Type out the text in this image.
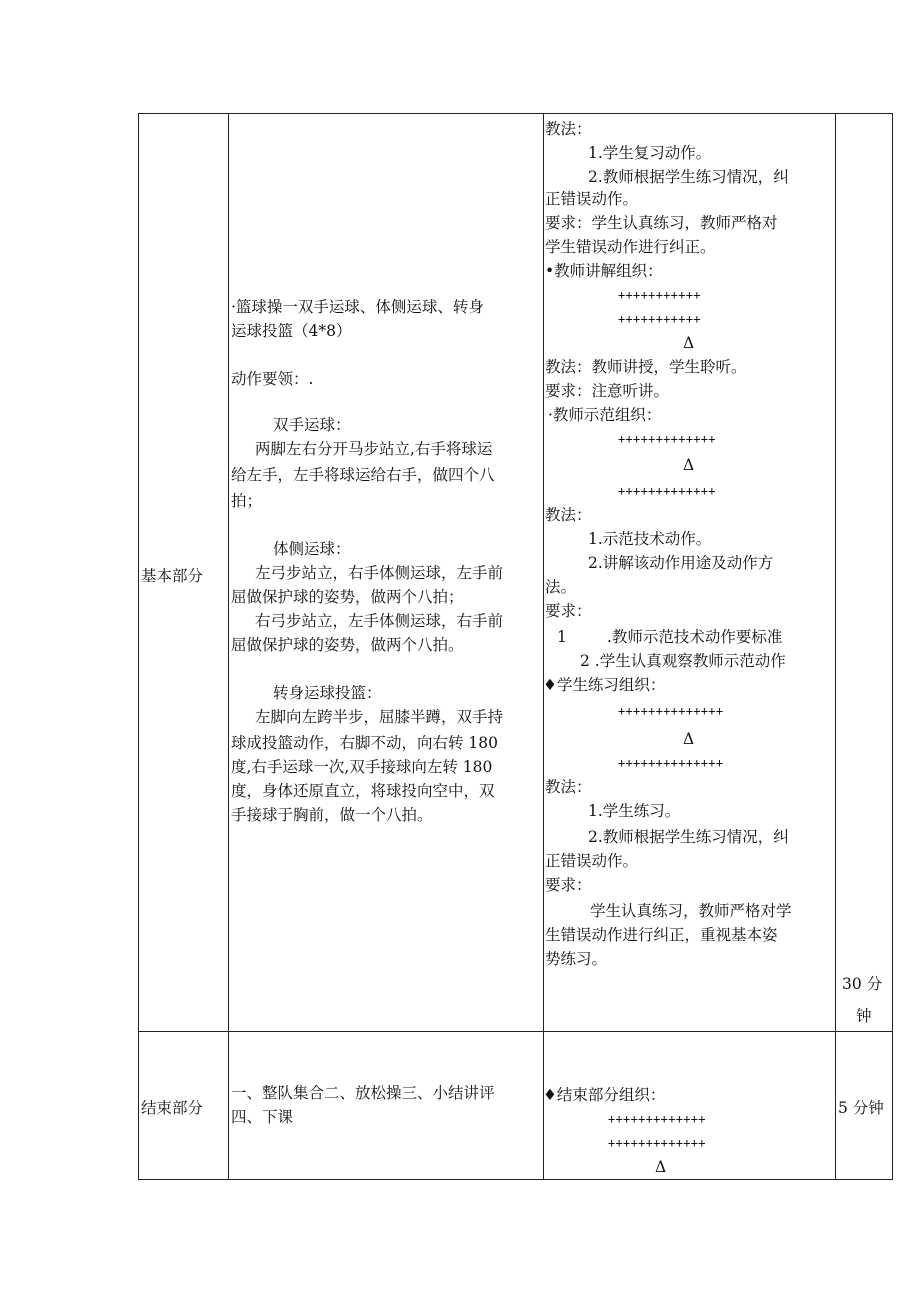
基本部分
·篮球操一双手运球、体侧运球、转身
运球投篮（4*8）
动作要领：.
双手运球：
两脚左右分开马步站立,右手将球运
给左手，左手将球运给右手，做四个八
拍；
体侧运球：
左弓步站立，右手体侧运球，左手前
屈做保护球的姿势，做两个八拍；
右弓步站立，左手体侧运球，右手前
屈做保护球的姿势，做两个八拍。
转身运球投篮：
左脚向左跨半步，屈膝半蹲，双手持
球成投篮动作，右脚不动，向右转 180
度,右手运球一次,双手接球向左转 180
度，身体还原直立，将球投向空中，双
手接球于胸前，做一个八拍。
教法：
1.学生复习动作。
2.教师根据学生练习情况，纠
正错误动作。
要求：学生认真练习，教师严格对
学生错误动作进行纠正。
•教师讲解组织：
+++++++++++
+++++++++++
Δ
教法：教师讲授，学生聆听。
要求：注意听讲。
·教师示范组织：
+++++++++++++
Δ
+++++++++++++
教法：
1.示范技术动作。
2.讲解该动作用途及动作方
法。
要求：
1	.教师示范技术动作要标准
2 .学生认真观察教师示范动作
♦学生练习组织：
++++++++++++++
Δ
++++++++++++++
教法：
1.学生练习。
2.教师根据学生练习情况，纠
正错误动作。
要求：
学生认真练习，教师严格对学
生错误动作进行纠正，重视基本姿
势练习。
30 分
钟
结束部分
一、整队集合二、放松操三、小结讲评
四、下课
♦结束部分组织：
+++++++++++++
+++++++++++++
Δ
5 分钟
